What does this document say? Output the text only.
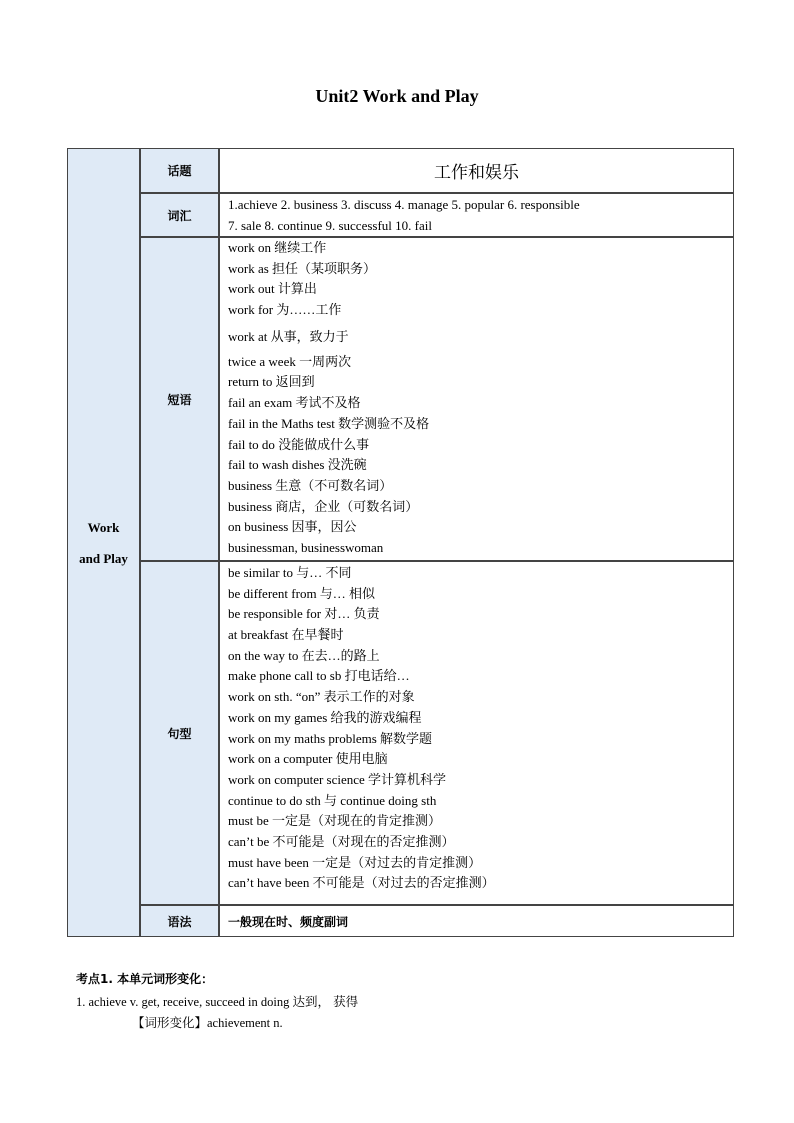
Unit2 Work and Play
Work
and Play
话题
词汇
短语
句型
语法
工作和娱乐
1.achieve 2. business 3. discuss 4. manage 5. popular 6. responsible
7. sale 8. continue 9. successful 10. fail
work on 继续工作
work as 担任（某项职务）
work out 计算出
work for 为……工作
work at 从事，致力于
twice a week 一周两次
return to 返回到
fail an exam 考试不及格
fail in the Maths test 数学测验不及格
fail to do 没能做成什么事
fail to wash dishes 没洗碗
business 生意（不可数名词）
business 商店，企业（可数名词）
on business 因事，因公
businessman, businesswoman
be similar to 与… 不同
be different from 与… 相似
be responsible for 对… 负责
at breakfast 在早餐时
on the way to 在去…的路上
make phone call to sb 打电话给…
work on sth. “on” 表示工作的对象
work on my games 给我的游戏编程
work on my maths problems 解数学题
work on a computer 使用电脑
work on computer science 学计算机科学
continue to do sth 与 continue doing sth
must be 一定是（对现在的肯定推测）
can’t be 不可能是（对现在的否定推测）
must have been 一定是（对过去的肯定推测）
can’t have been 不可能是（对过去的否定推测）
一般现在时、频度副词
考点1. 本单元词形变化：
1. achieve v. get, receive, succeed in doing 达到， 获得
【词形变化】achievement n.
